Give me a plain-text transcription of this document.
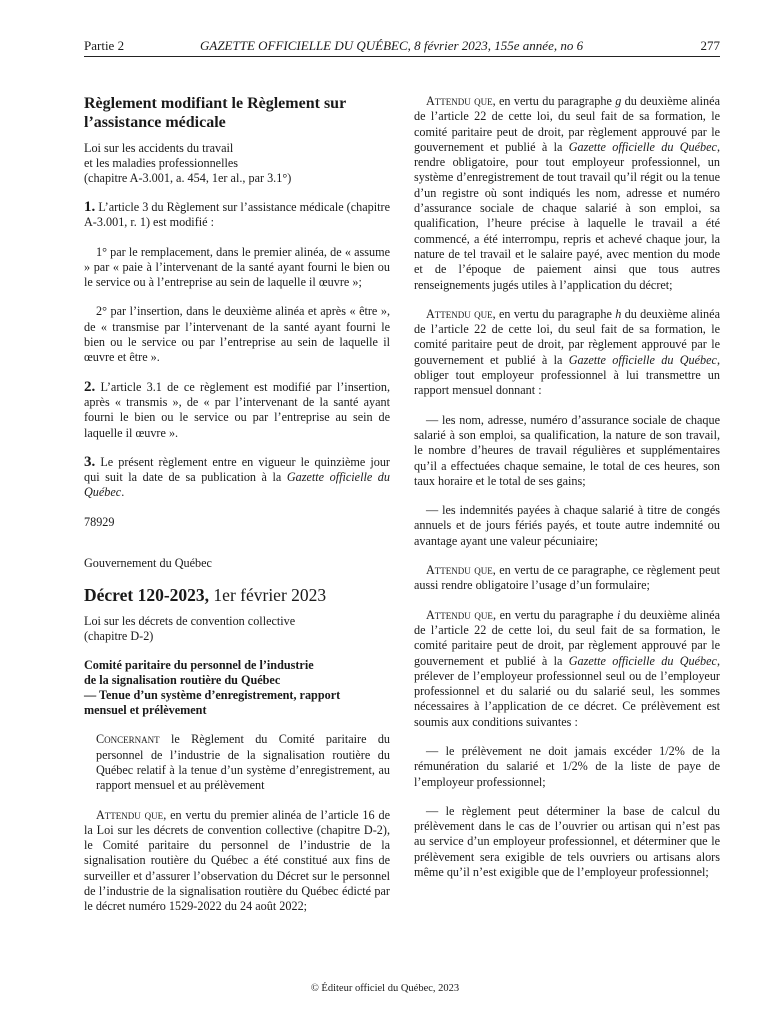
Partie 2	GAZETTE OFFICIELLE DU QUÉBEC, 8 février 2023, 155e année, no 6	277
Règlement modifiant le Règlement sur
l’assistance médicale
Loi sur les accidents du travail
et les maladies professionnelles
(chapitre A-3.001, a. 454, 1er al., par 3.1°)

1. L’article 3 du Règlement sur l’assistance médicale (chapitre A-3.001, r. 1) est modifié :

1° par le remplacement, dans le premier alinéa, de « assume » par « paie à l’intervenant de la santé ayant fourni le bien ou le service ou à l’entreprise au sein de laquelle il œuvre »;

2° par l’insertion, dans le deuxième alinéa et après « être », de « transmise par l’intervenant de la santé ayant fourni le bien ou le service ou par l’entreprise au sein de laquelle il œuvre et être ».

2. L’article 3.1 de ce règlement est modifié par l’insertion, après « transmis », de « par l’intervenant de la santé ayant fourni le bien ou le service ou par l’entreprise au sein de laquelle il œuvre ».

3. Le présent règlement entre en vigueur le quinzième jour qui suit la date de sa publication à la Gazette officielle du Québec.

78929

Gouvernement du Québec

Décret 120-2023, 1er février 2023
Loi sur les décrets de convention collective
(chapitre D-2)
Comité paritaire du personnel de l’industrie
de la signalisation routière du Québec
— Tenue d’un système d’enregistrement, rapport
mensuel et prélèvement
Concernant le Règlement du Comité paritaire du personnel de l’industrie de la signalisation routière du Québec relatif à la tenue d’un système d’enregistrement, au rapport mensuel et au prélèvement

Attendu que, en vertu du premier alinéa de l’article 16 de la Loi sur les décrets de convention collective (chapitre D-2), le Comité paritaire du personnel de l’industrie de la signalisation routière du Québec a été constitué aux fins de surveiller et d’assurer l’observation du Décret sur le personnel de l’industrie de la signalisation routière du Québec édicté par le décret numéro 1529-2022 du 24 août 2022;

Attendu que, en vertu du paragraphe g du deuxième alinéa de l’article 22 de cette loi, du seul fait de sa formation, le comité paritaire peut de droit, par règlement approuvé par le gouvernement et publié à la Gazette officielle du Québec, rendre obligatoire, pour tout employeur professionnel, un système d’enregistrement de tout travail qu’il régit ou la tenue d’un registre où sont indiqués les nom, adresse et numéro d’assurance sociale de chaque salarié à son emploi, sa qualification, l’heure précise à laquelle le travail a été commencé, a été interrompu, repris et achevé chaque jour, la nature de tel travail et le salaire payé, avec mention du mode et de l’époque de paiement ainsi que tous autres renseignements jugés utiles à l’application du décret;

Attendu que, en vertu du paragraphe h du deuxième alinéa de l’article 22 de cette loi, du seul fait de sa formation, le comité paritaire peut de droit, par règlement approuvé par le gouvernement et publié à la Gazette officielle du Québec, obliger tout employeur professionnel à lui transmettre un rapport mensuel donnant :

— les nom, adresse, numéro d’assurance sociale de chaque salarié à son emploi, sa qualification, la nature de son travail, le nombre d’heures de travail régulières et supplémentaires qu’il a effectuées chaque semaine, le total de ces heures, son taux horaire et le total de ses gains;

— les indemnités payées à chaque salarié à titre de congés annuels et de jours fériés payés, et toute autre indemnité ou avantage ayant une valeur pécuniaire;

Attendu que, en vertu de ce paragraphe, ce règlement peut aussi rendre obligatoire l’usage d’un formulaire;

Attendu que, en vertu du paragraphe i du deuxième alinéa de l’article 22 de cette loi, du seul fait de sa formation, le comité paritaire peut de droit, par règlement approuvé par le gouvernement et publié à la Gazette officielle du Québec, prélever de l’employeur professionnel seul ou de l’employeur professionnel et du salarié ou du salarié seul, les sommes nécessaires à l’application de ce décret. Ce prélèvement est soumis aux conditions suivantes :

— le prélèvement ne doit jamais excéder 1/2% de la rémunération du salarié et 1/2% de la liste de paye de l’employeur professionnel;

— le règlement peut déterminer la base de calcul du prélèvement dans le cas de l’ouvrier ou artisan qui n’est pas au service d’un employeur professionnel, et déterminer que le prélèvement sera exigible de tels ouvriers ou artisans alors même qu’il n’est exigible que de l’employeur professionnel;

© Éditeur officiel du Québec, 2023
